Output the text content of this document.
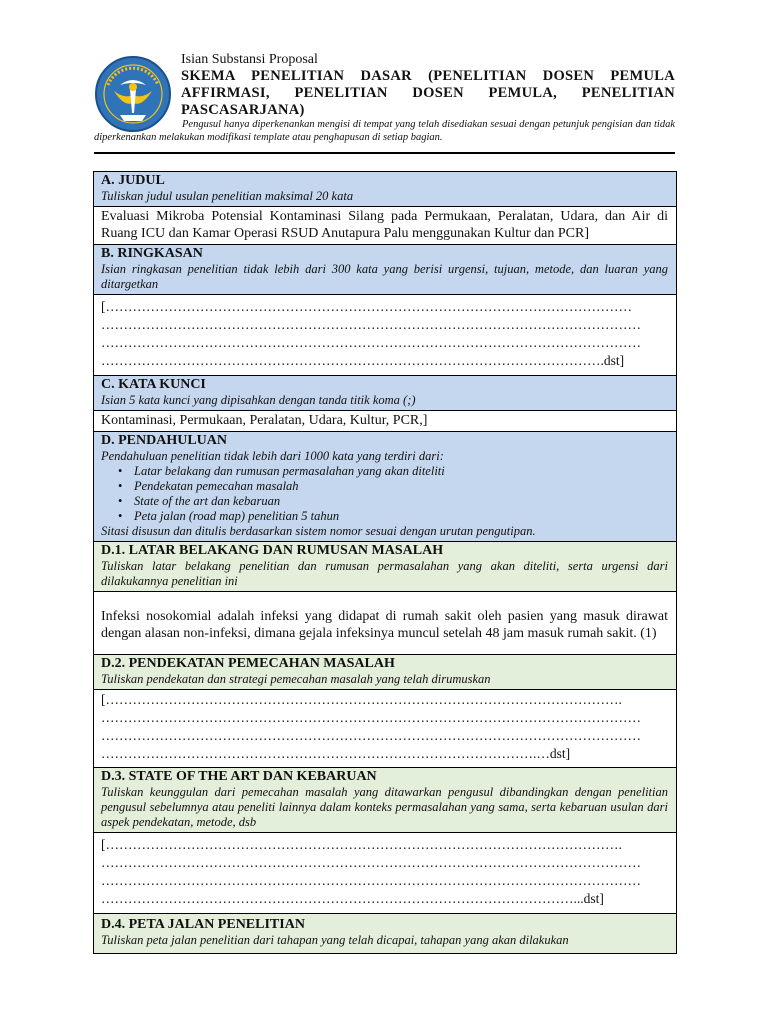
Isian Substansi Proposal
SKEMA PENELITIAN DASAR (PENELITIAN DOSEN PEMULA AFFIRMASI, PENELITIAN DOSEN PEMULA, PENELITIAN PASCASARJANA)
Pengusul hanya diperkenankan mengisi di tempat yang telah disediakan sesuai dengan petunjuk pengisian dan tidak diperkenankan melakukan modifikasi template atau penghapusan di setiap bagian.
A. JUDUL
Tuliskan judul usulan penelitian maksimal 20 kata
Evaluasi Mikroba Potensial Kontaminasi Silang pada Permukaan, Peralatan, Udara, dan Air di Ruang ICU dan Kamar Operasi RSUD Anutapura Palu menggunakan Kultur dan PCR]
B. RINGKASAN
Isian ringkasan penelitian tidak lebih dari 300 kata yang berisi urgensi, tujuan, metode, dan luaran yang ditargetkan
[………………………………………………………………………………………………………
…………………………………………………………………………………………………………
…………………………………………………………………………………………………………
………………………………………………………………………………………………….dst]
C. KATA KUNCI
Isian 5 kata kunci yang dipisahkan dengan tanda titik koma (;)
Kontaminasi, Permukaan, Peralatan, Udara, Kultur, PCR,]
D. PENDAHULUAN
Pendahuluan penelitian tidak lebih dari 1000 kata yang terdiri dari:
• Latar belakang dan rumusan permasalahan yang akan diteliti
• Pendekatan pemecahan masalah
• State of the art dan kebaruan
• Peta jalan (road map) penelitian 5 tahun
Sitasi disusun dan ditulis berdasarkan sistem nomor sesuai dengan urutan pengutipan.
D.1. LATAR BELAKANG DAN RUMUSAN MASALAH
Tuliskan latar belakang penelitian dan rumusan permasalahan yang akan diteliti, serta urgensi dari dilakukannya penelitian ini
Infeksi nosokomial adalah infeksi yang didapat di rumah sakit oleh pasien yang masuk dirawat dengan alasan non-infeksi, dimana gejala infeksinya muncul setelah 48 jam masuk rumah sakit. (1)
D.2. PENDEKATAN PEMECAHAN MASALAH
Tuliskan pendekatan dan strategi pemecahan masalah yang telah dirumuskan
[…………………………………………………………………………………………………….
…………………………………………………………………………………………………………
…………………………………………………………………………………………………………
…………………………………………………………………………………….…dst]
D.3. STATE OF THE ART DAN KEBARUAN
Tuliskan keunggulan dari pemecahan masalah yang ditawarkan pengusul dibandingkan dengan penelitian pengusul sebelumnya atau peneliti lainnya dalam konteks permasalahan yang sama, serta kebaruan usulan dari aspek pendekatan, metode, dsb
[…………………………………………………………………………………………………….
…………………………………………………………………………………………………………
…………………………………………………………………………………………………………
……………………………………………………………………………………………...dst]
D.4. PETA JALAN PENELITIAN
Tuliskan peta jalan penelitian dari tahapan yang telah dicapai, tahapan yang akan dilakukan
